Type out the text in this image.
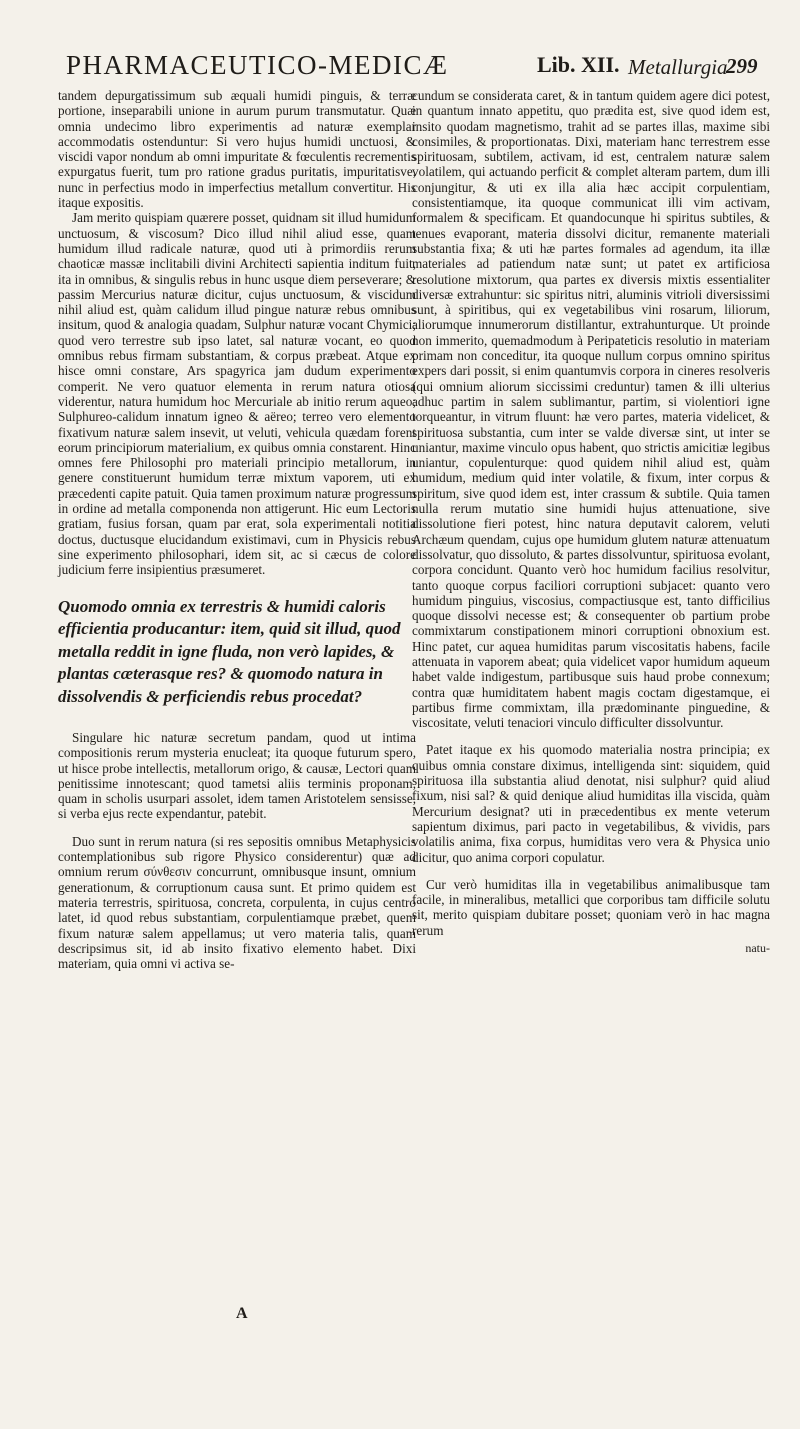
PHARMACEUTICO-MEDICÆ	Lib. XII. Metallurgia
299

tandem depurgatissimum sub æquali humidi pinguis, & terræ portione, inseparabili unione in aurum purum transmutatur. Quæ omnia undecimo libro experimentis ad naturæ exemplar accommodatis ostenduntur: Si vero hujus humidi unctuosi, & viscidi vapor nondum ab omni impuritate & fœculentis recrementis expurgatus fuerit, tum pro ratione gradus puritatis, impuritatisve, nunc in perfectius modo in imperfectius metallum convertitur. His itaque expositis.

Jam merito quispiam quærere posset, quidnam sit illud humidum unctuosum, & viscosum? Dico illud nihil aliud esse, quam humidum illud radicale naturæ, quod uti à primordiis rerum chaoticæ massæ inclitabili divini Architecti sapientia inditum fuit, ita in omnibus, & singulis rebus in hunc usque diem perseverare; & passim Mercurius naturæ dicitur, cujus unctuosum, & viscidum nihil aliud est, quàm calidum illud pingue naturæ rebus omnibus insitum, quod & analogia quadam, Sulphur naturæ vocant Chymici; quod vero terrestre sub ipso latet, sal naturæ vocant, eo quod omnibus rebus firmam substantiam, & corpus præbeat. Atque ex hisce omni constare, Ars spagyrica jam dudum experimento comperit. Ne vero quatuor elementa in rerum natura otiosa viderentur, natura humidum hoc Mercuriale ab initio rerum aqueo; Sulphureo-calidum innatum igneo & aëreo; terreo vero elemento fixativum naturæ salem insevit, ut veluti, vehicula quædam forent eorum principiorum materialium, ex quibus omnia constarent. Hinc omnes fere Philosophi pro materiali principio metallorum, in genere constituerunt humidum terræ mixtum vaporem, uti ex præcedenti capite patuit. Quia tamen proximum naturæ progressum in ordine ad metalla componenda non attigerunt. Hic eum Lectoris gratiam, fusius forsan, quam par erat, sola experimentali notitia doctus, ductusque elucidandum existimavi, cum in Physicis rebus sine experimento philosophari, idem sit, ac si cæcus de colore judicium ferre insipientius præsumeret.

Quomodo omnia ex terrestris & humidi caloris efficientia producantur: item, quid sit illud, quod metalla reddit in igne fluda, non verò lapides, & plantas cæterasque res? & quomodo natura in dissolvendis & perficiendis rebus procedat?

Singulare hic naturæ secretum pandam, quod ut intima compositionis rerum mysteria enucleat; ita quoque futurum spero, ut hisce probe intellectis, metallorum origo, & causæ, Lectori quam penitissime innotescant; quod tametsi aliis terminis proponam, quam in scholis usurpari assolet, idem tamen Aristotelem sensisse, si verba ejus recte expendantur, patebit.

Duo sunt in rerum natura (si res sepositis omnibus Metaphysicis contemplationibus sub rigore Physico considerentur) quæ ad omnium rerum σύνθεσιν concurrunt, omnibusque insunt, omnium generationum, & corruptionum causa sunt. Et primo quidem est materia terrestris, spirituosa, concreta, corpulenta, in cujus centro latet, id quod rebus substantiam, corpulentiamque præbet, quem fixum naturæ salem appellamus; ut vero materia talis, quam descripsimus sit, id ab insito fixativo elemento habet. Dixi materiam, quia omni vi activa se-

cundum se considerata caret, & in tantum quidem agere dici potest, in quantum innato appetitu, quo prædita est, sive quod idem est, insito quodam magnetismo, trahit ad se partes illas, maxime sibi consimiles, & proportionatas. Dixi, materiam hanc terrestrem esse spirituosam, subtilem, activam, id est, centralem naturæ salem volatilem, qui actuando perficit & complet alteram partem, dum illi conjungitur, & uti ex illa alia hæc accipit corpulentiam, consistentiamque, ita quoque communicat illi vim activam, formalem & specificam. Et quandocunque hi spiritus subtiles, & tenues evaporant, materia dissolvi dicitur, remanente materiali substantia fixa; & uti hæ partes formales ad agendum, ita illæ materiales ad patiendum natæ sunt; ut patet ex artificiosa resolutione mixtorum, qua partes ex diversis mixtis essentialiter diversæ extrahuntur: sic spiritus nitri, aluminis vitrioli diversissimi sunt, à spiritibus, qui ex vegetabilibus vini rosarum, liliorum, aliorumque innumerorum distillantur, extrahunturque. Ut proinde non immerito, quemadmodum à Peripateticis resolutio in materiam primam non conceditur, ita quoque nullum corpus omnino spiritus expers dari possit, si enim quantumvis corpora in cineres resolveris (qui omnium aliorum siccissimi creduntur) tamen & illi ulterius adhuc partim in salem sublimantur, partim, si violentiori igne torqueantur, in vitrum fluunt: hæ vero partes, materia videlicet, & spirituosa substantia, cum inter se valde diversæ sint, ut inter se uniantur, maxime vinculo opus habent, quo strictis amicitiæ legibus uniantur, copulenturque: quod quidem nihil aliud est, quàm humidum, medium quid inter volatile, & fixum, inter corpus & spiritum, sive quod idem est, inter crassum & subtile. Quia tamen nulla rerum mutatio sine humidi hujus attenuatione, sive dissolutione fieri potest, hinc natura deputavit calorem, veluti Archæum quendam, cujus ope humidum glutem naturæ attenuatum dissolvatur, quo dissoluto, & partes dissolvuntur, spirituosa evolant, corpora concidunt. Quanto verò hoc humidum facilius resolvitur, tanto quoque corpus faciliori corruptioni subjacet: quanto vero humidum pinguius, viscosius, compactiusque est, tanto difficilius quoque dissolvi necesse est; & consequenter ob partium probe commixtarum constipationem minori corruptioni obnoxium est. Hinc patet, cur aquea humiditas parum viscositatis habens, facile attenuata in vaporem abeat; quia videlicet vapor humidum aqueum habet valde indigestum, partibusque suis haud probe connexum; contra quæ humiditatem habent magis coctam digestamque, ei partibus firme commixtam, illa prædominante pinguedine, & viscositate, veluti tenaciori vinculo difficulter dissolvuntur.

Patet itaque ex his quomodo materialia nostra principia; ex quibus omnia constare diximus, intelligenda sint: siquidem, quid spirituosa illa substantia aliud denotat, nisi sulphur? quid aliud fixum, nisi sal? & quid denique aliud humiditas illa viscida, quàm Mercurium designat? uti in præcedentibus ex mente veterum sapientum diximus, pari pacto in vegetabilibus, & vividis, pars volatilis anima, fixa corpus, humiditas vero vera & Physica unio dicitur, quo anima corpori copulatur.

Cur verò humiditas illa in vegetabilibus animalibusque tam facile, in mineralibus, metallici que corporibus tam difficile solutu sit, merito quispiam dubitare posset; quoniam verò in hac magna rerum

natu-
A
